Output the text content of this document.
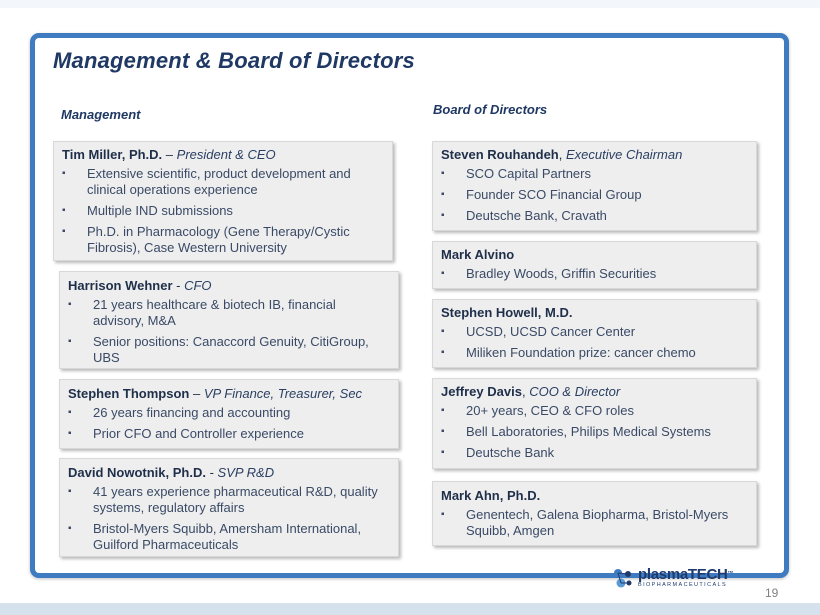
Management & Board of Directors
Management	Board of Directors
Tim Miller, Ph.D. – President & CEO
▪ Extensive scientific, product development and clinical operations experience
▪ Multiple IND submissions
▪ Ph.D. in Pharmacology (Gene Therapy/Cystic Fibrosis), Case Western University
Harrison Wehner - CFO
▪ 21 years healthcare & biotech IB, financial advisory, M&A
▪ Senior positions: Canaccord Genuity, CitiGroup, UBS
Stephen Thompson – VP Finance, Treasurer, Sec
▪ 26 years financing and accounting
▪ Prior CFO and Controller experience
David Nowotnik, Ph.D. - SVP R&D
▪ 41 years experience pharmaceutical R&D, quality systems, regulatory affairs
▪ Bristol-Myers Squibb, Amersham International, Guilford Pharmaceuticals
Steven Rouhandeh, Executive Chairman
▪ SCO Capital Partners
▪ Founder SCO Financial Group
▪ Deutsche Bank, Cravath
Mark Alvino
▪ Bradley Woods, Griffin Securities
Stephen Howell, M.D.
▪ UCSD, UCSD Cancer Center
▪ Miliken Foundation prize: cancer chemo
Jeffrey Davis, COO & Director
▪ 20+ years, CEO & CFO roles
▪ Bell Laboratories, Philips Medical Systems
▪ Deutsche Bank
Mark Ahn, Ph.D.
▪ Genentech, Galena Biopharma, Bristol-Myers Squibb, Amgen
plasmaTECH™
BIOPHARMACEUTICALS
19
